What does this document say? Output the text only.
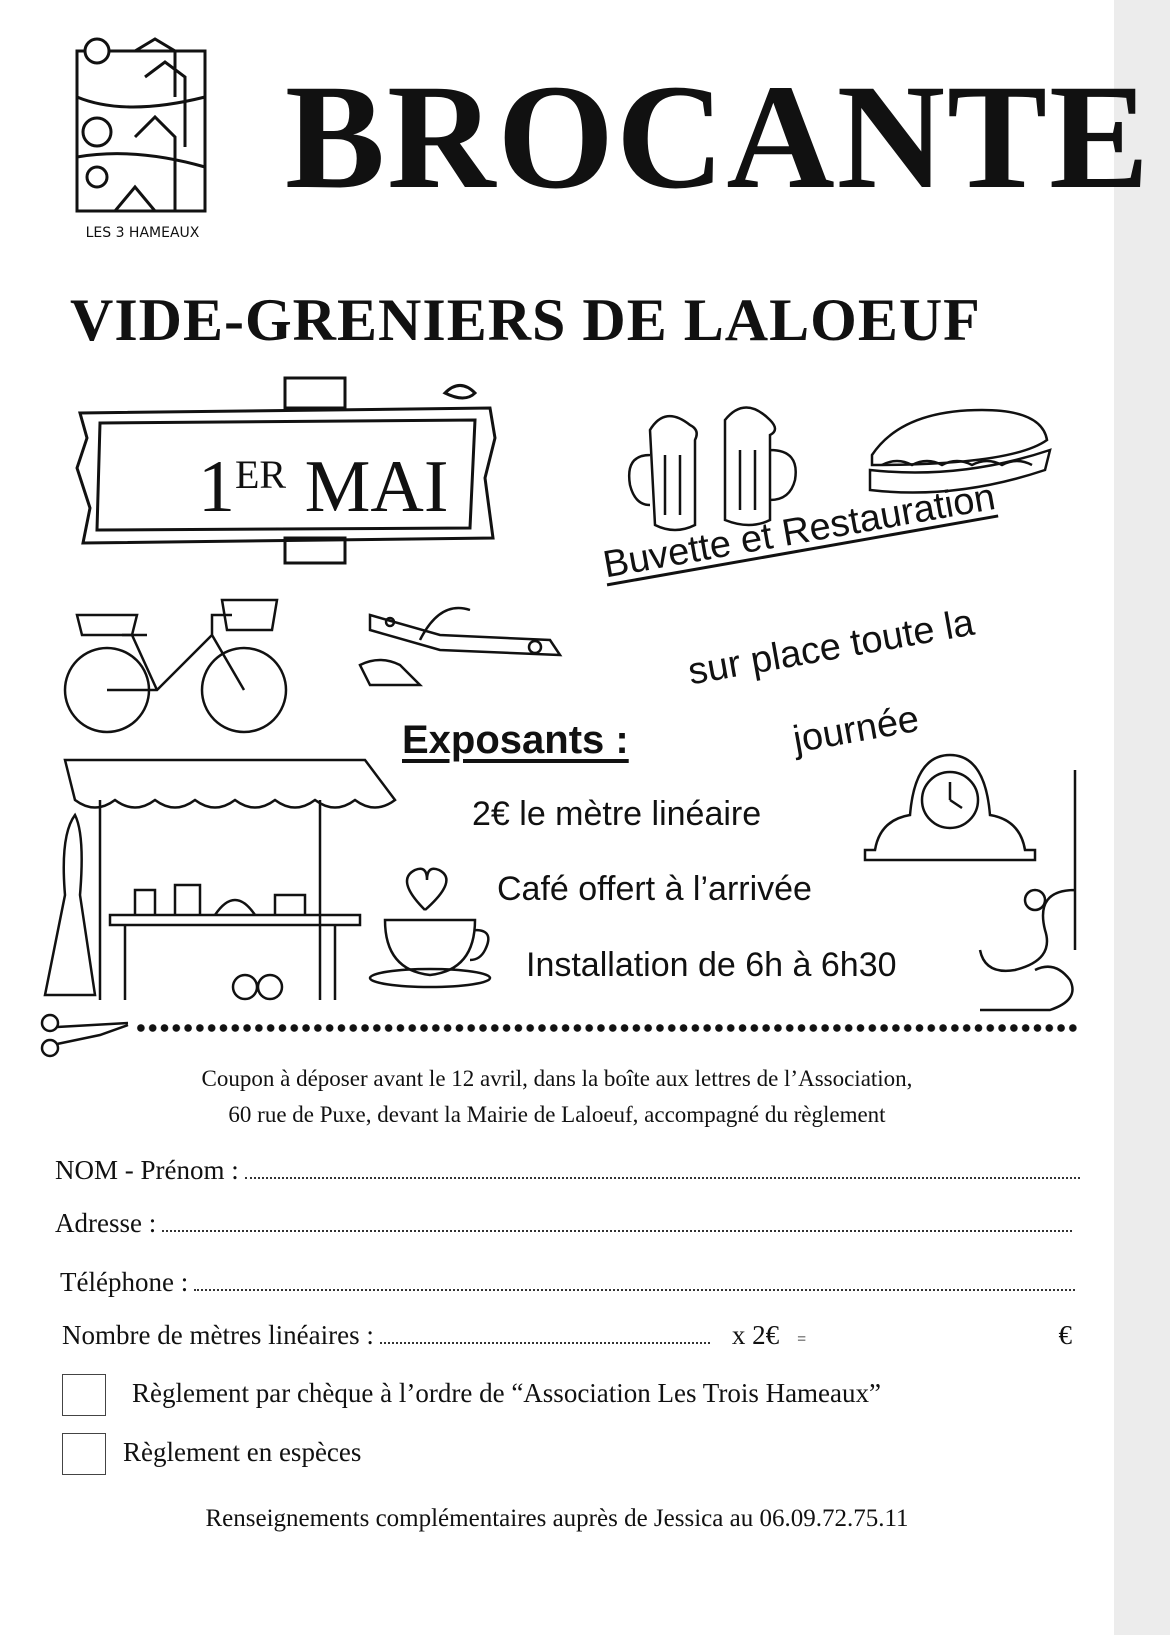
LES 3 HAMEAUX
BROCANTE
VIDE-GRENIERS DE LALOEUF
1ER MAI	Buvette et Restauration
sur place toute la
journée
Exposants :
2€ le mètre linéaire
Café offert à l’arrivée
Installation de 6h à 6h30
Coupon à déposer avant le 12 avril, dans la boîte aux lettres de l’Association,
60 rue de Puxe, devant la Mairie de Laloeuf, accompagné du règlement
NOM - Prénom :
Adresse :
Téléphone :
Nombre de mètres linéaires :	x 2€ =	€
Règlement par chèque à l’ordre de “Association Les Trois Hameaux”
Règlement en espèces
Renseignements complémentaires auprès de Jessica au 06.09.72.75.11
